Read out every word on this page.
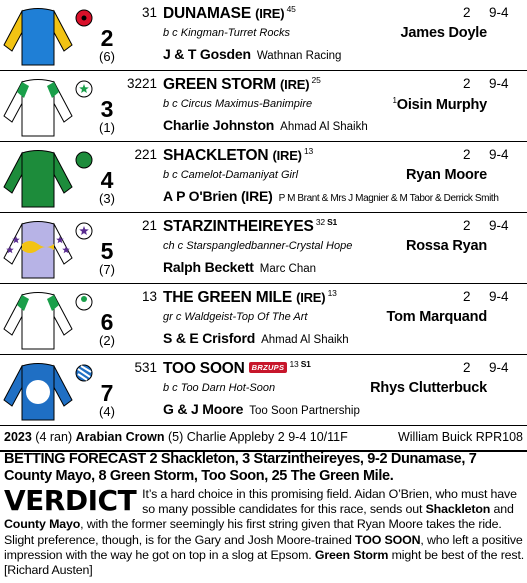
2
(6)
31 DUNAMASE (IRE) $^{45}$	2 9-4
b c Kingman-Turret Rocks	James Doyle
J & T Gosden Wathnan Racing
3
(1)
3221 GREEN STORM (IRE) $^{25}$	2 9-4
b c Circus Maximus-Banimpire	$^1$Oisin Murphy
Charlie Johnston Ahmad Al Shaikh
4
(3)
221 SHACKLETON (IRE) $^{13}$	2 9-4
b c Camelot-Damaniyat Girl	Ryan Moore
A P O'Brien (IRE) P M Brant & Mrs J Magnier & M Tabor & Derrick Smith
5
(7)
21 STARZINTHEIREYES $^{32 S1}$	2 9-4
ch c Starspangledbanner-Crystal Hope	Rossa Ryan
Ralph Beckett Marc Chan
6
(2)
13 THE GREEN MILE (IRE) $^{13}$	2 9-4
gr c Waldgeist-Top Of The Art	Tom Marquand
S & E Crisford Ahmad Al Shaikh
7
(4)
531 TOO SOON BRZUPS $^{13 S1}$	2 9-4
b c Too Darn Hot-Soon	Rhys Clutterbuck
G & J Moore Too Soon Partnership
2023 (4 ran) Arabian Crown (5) Charlie Appleby 2 9-4 10/11F	William Buick RPR108
BETTING FORECAST 2 Shackleton, 3 Starzintheireyes, 9-2 Dunamase, 7 County Mayo, 8 Green Storm, Too Soon, 25 The Green Mile.
VERDICT It’s a hard choice in this promising field. Aidan O’Brien, who must have so many possible candidates for this race, sends out Shackleton and County Mayo, with the former seemingly his first string given that Ryan Moore takes the ride. Slight preference, though, is for the Gary and Josh Moore-trained TOO SOON, who left a positive impression with the way he got on top in a slog at Epsom. Green Storm might be best of the rest.[Richard Austen]
